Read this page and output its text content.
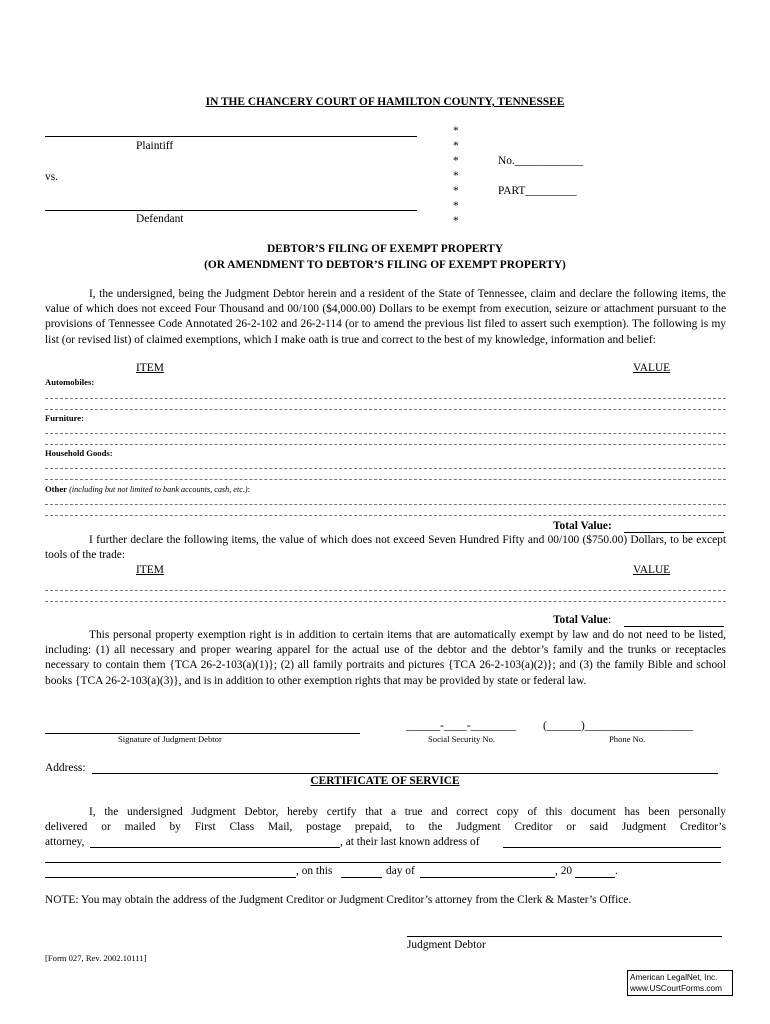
IN THE CHANCERY COURT OF HAMILTON COUNTY, TENNESSEE
Plaintiff
vs.
Defendant
*
*
*
*
*
*
*
No.____________
PART_________
DEBTOR’S FILING OF EXEMPT PROPERTY
(OR AMENDMENT TO DEBTOR’S FILING OF EXEMPT PROPERTY)

I, the undersigned, being the Judgment Debtor herein and a resident of the State of Tennessee, claim and declare the following items, the value of which does not exceed Four Thousand and 00/100 ($4,000.00) Dollars to be exempt from execution, seizure or attachment pursuant to the provisions of Tennessee Code Annotated 26-2-102 and 26-2-114 (or to amend the previous list filed to assert such exemption). The following is my list (or revised list) of claimed exemptions, which I make oath is true and correct to the best of my knowledge, information and belief:

ITEM	VALUE
Automobiles:
Furniture:
Household Goods:
Other (including but not limited to bank accounts, cash, etc.):
Total Value:

I further declare the following items, the value of which does not exceed Seven Hundred Fifty and 00/100 ($750.00) Dollars, to be except tools of the trade:

ITEM	VALUE
Total Value:

This personal property exemption right is in addition to certain items that are automatically exempt by law and do not need to be listed, including: (1) all necessary and proper wearing apparel for the actual use of the debtor and the debtor’s family and the trunks or receptacles necessary to contain them {TCA 26-2-103(a)(1)}; (2) all family portraits and pictures {TCA 26-2-103(a)(2)}; and (3) the family Bible and school books {TCA 26-2-103(a)(3)}, and is in addition to other exemption rights that may be provided by state or federal law.

______-____-________ (______)___________________
Signature of Judgment Debtor	Social Security No.	Phone No.
Address:
CERTIFICATE OF SERVICE
I, the undersigned Judgment Debtor, hereby certify that a true and correct copy of this document has been personally
delivered or mailed by First Class Mail, postage prepaid, to the Judgment Creditor or said Judgment Creditor’s
attorney,	, at their last known address of
, on this	day of	, 20	.
NOTE: You may obtain the address of the Judgment Creditor or Judgment Creditor’s attorney from the Clerk & Master’s Office.
Judgment Debtor
[Form 027, Rev. 2002.10111]
American LegalNet, Inc.
www.USCourtForms.com
